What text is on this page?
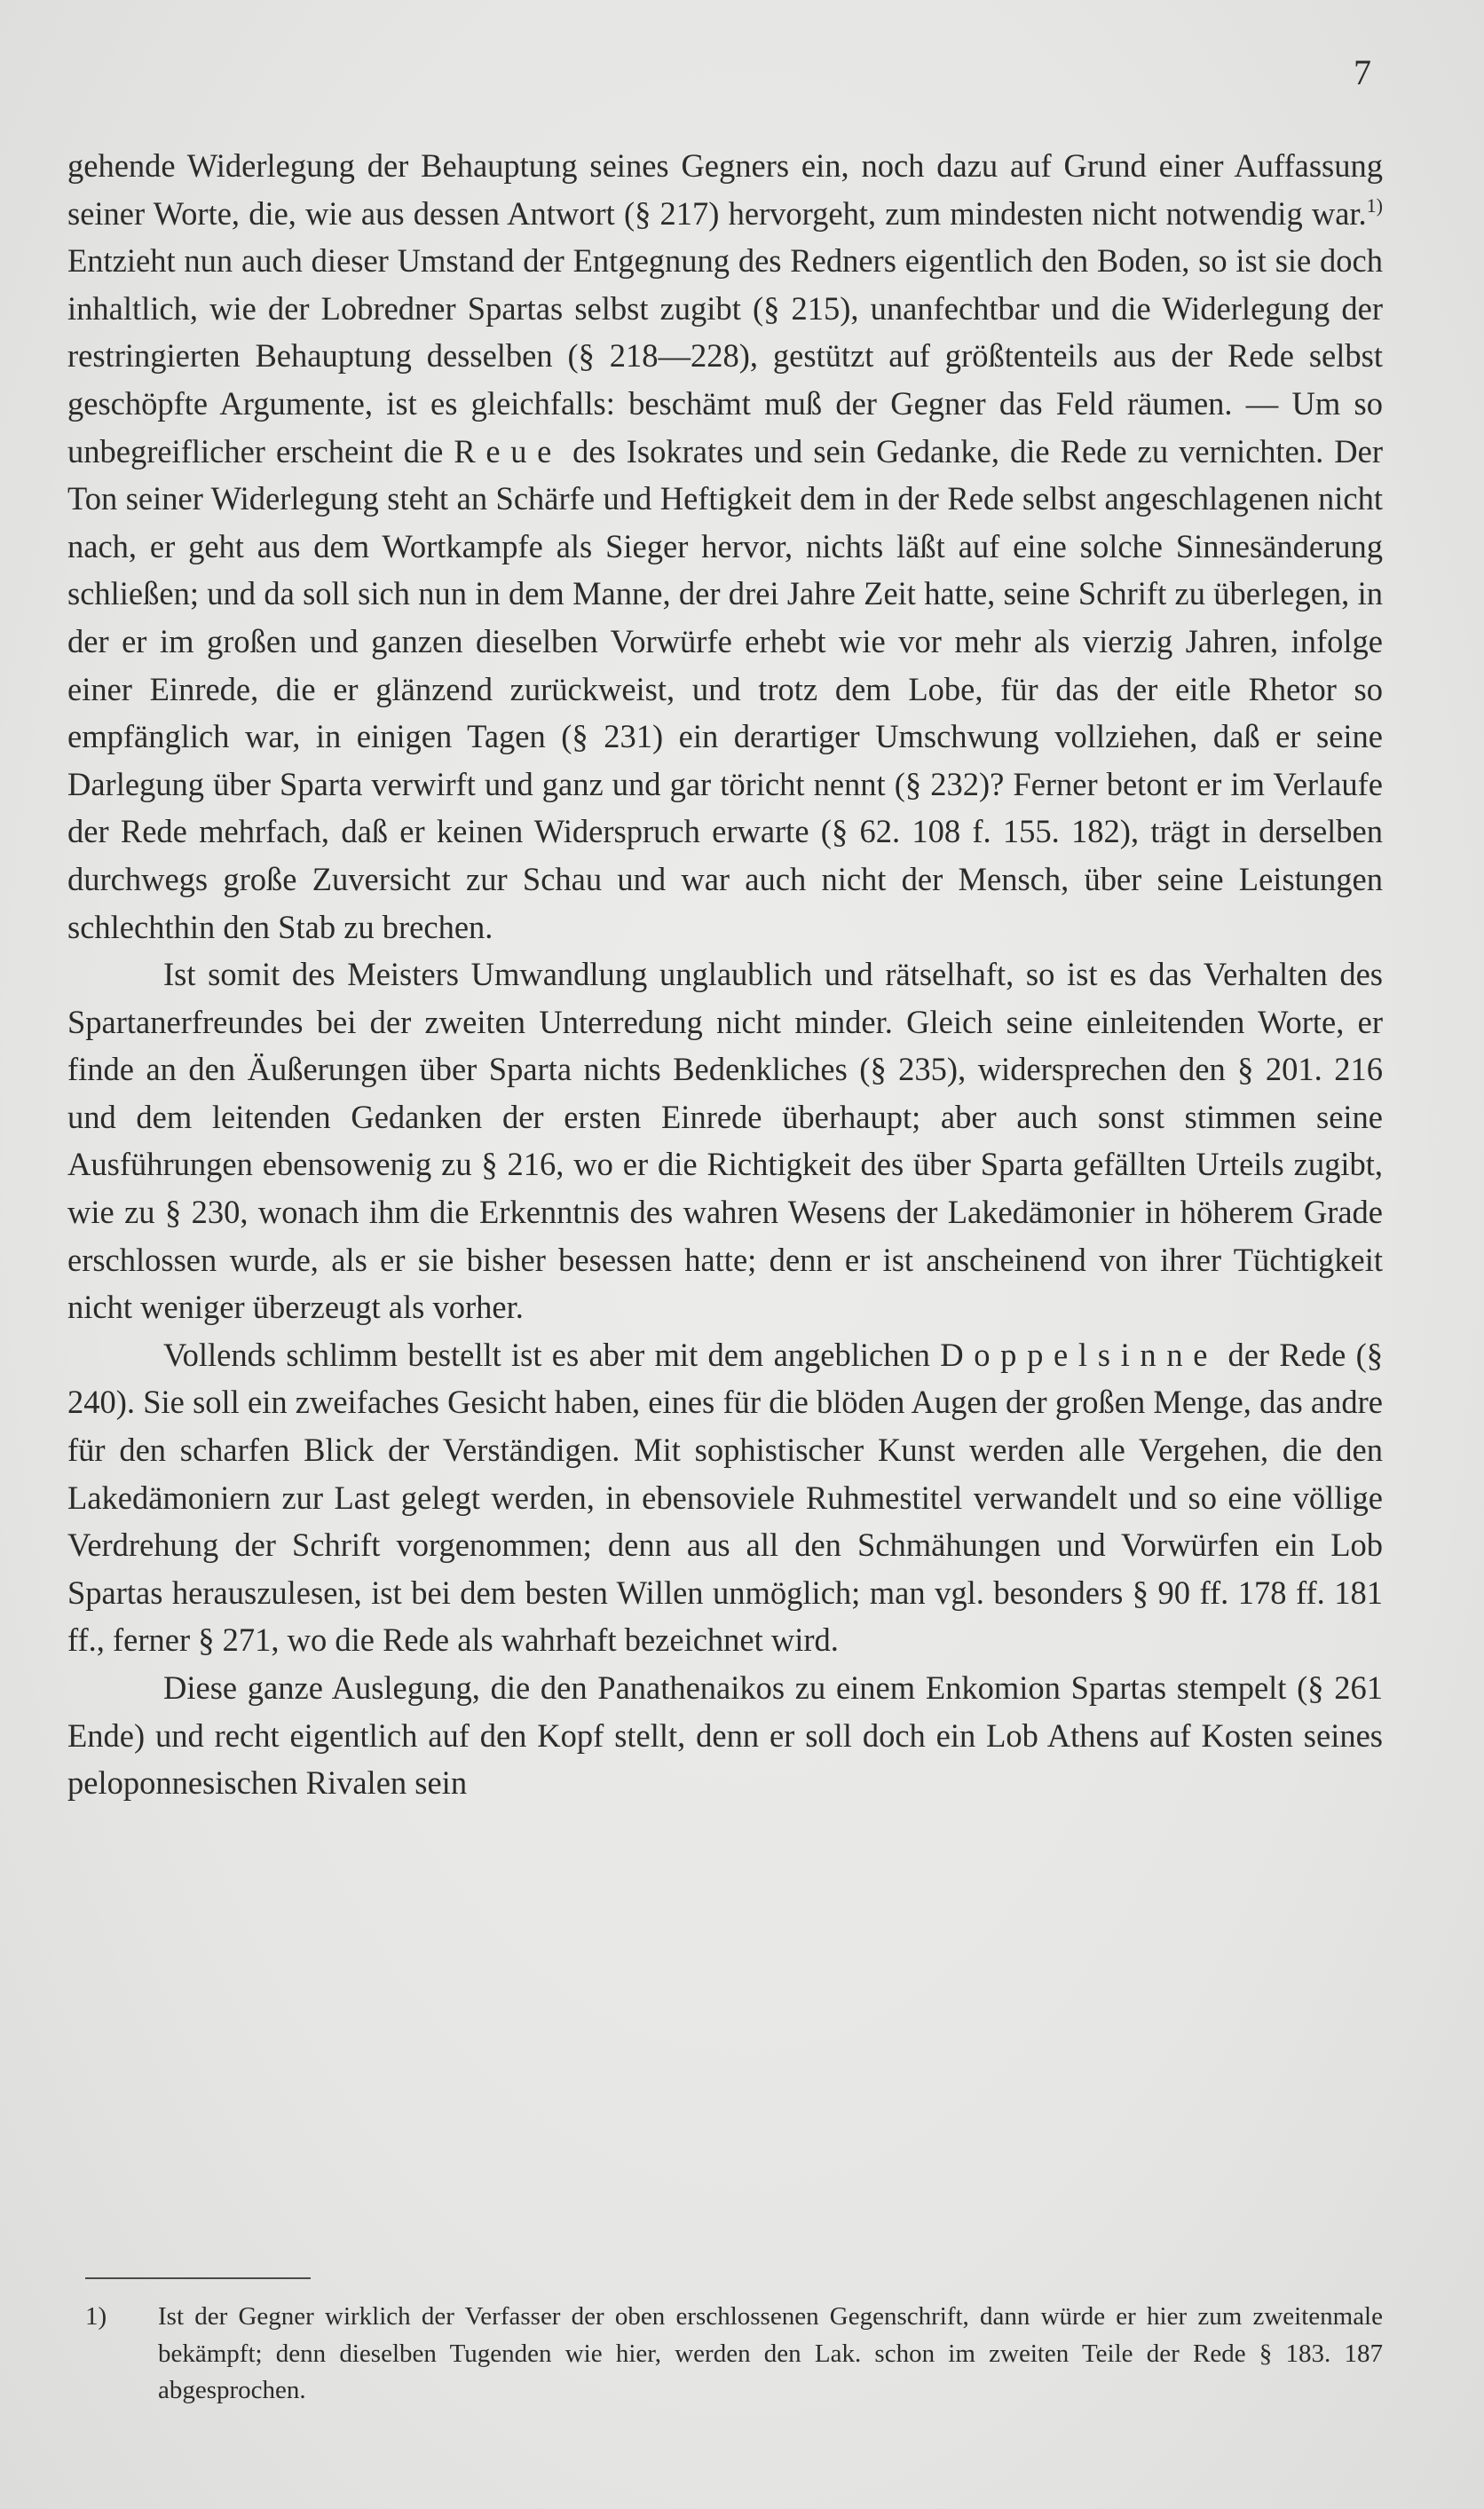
7

gehende Widerlegung der Behauptung seines Gegners ein, noch dazu auf Grund einer Auffassung seiner Worte, die, wie aus dessen Antwort (§ 217) hervorgeht, zum mindesten nicht notwendig war.$^{1)}$ Entzieht nun auch dieser Umstand der Entgegnung des Redners eigentlich den Boden, so ist sie doch inhaltlich, wie der Lobredner Spartas selbst zugibt (§ 215), unanfechtbar und die Widerlegung der restringierten Behauptung desselben (§ 218—228), gestützt auf größtenteils aus der Rede selbst geschöpfte Argumente, ist es gleichfalls: beschämt muß der Gegner das Feld räumen. — Um so unbegreiflicher erscheint die Reue des Isokrates und sein Gedanke, die Rede zu vernichten. Der Ton seiner Widerlegung steht an Schärfe und Heftigkeit dem in der Rede selbst angeschlagenen nicht nach, er geht aus dem Wortkampfe als Sieger hervor, nichts läßt auf eine solche Sinnesänderung schließen; und da soll sich nun in dem Manne, der drei Jahre Zeit hatte, seine Schrift zu überlegen, in der er im großen und ganzen dieselben Vorwürfe erhebt wie vor mehr als vierzig Jahren, infolge einer Einrede, die er glänzend zurückweist, und trotz dem Lobe, für das der eitle Rhetor so empfänglich war, in einigen Tagen (§ 231) ein derartiger Umschwung vollziehen, daß er seine Darlegung über Sparta verwirft und ganz und gar töricht nennt (§ 232)? Ferner betont er im Verlaufe der Rede mehrfach, daß er keinen Widerspruch erwarte (§ 62. 108 f. 155. 182), trägt in derselben durchwegs große Zuversicht zur Schau und war auch nicht der Mensch, über seine Leistungen schlechthin den Stab zu brechen.

Ist somit des Meisters Umwandlung unglaublich und rätselhaft, so ist es das Verhalten des Spartanerfreundes bei der zweiten Unterredung nicht minder. Gleich seine einleitenden Worte, er finde an den Äußerungen über Sparta nichts Bedenkliches (§ 235), widersprechen den § 201. 216 und dem leitenden Gedanken der ersten Einrede überhaupt; aber auch sonst stimmen seine Ausführungen ebensowenig zu § 216, wo er die Richtigkeit des über Sparta gefällten Urteils zugibt, wie zu § 230, wonach ihm die Erkenntnis des wahren Wesens der Lakedämonier in höherem Grade erschlossen wurde, als er sie bisher besessen hatte; denn er ist anscheinend von ihrer Tüchtigkeit nicht weniger überzeugt als vorher.

Vollends schlimm bestellt ist es aber mit dem angeblichen Doppelsinne der Rede (§ 240). Sie soll ein zweifaches Gesicht haben, eines für die blöden Augen der großen Menge, das andre für den scharfen Blick der Verständigen. Mit sophistischer Kunst werden alle Vergehen, die den Lakedämoniern zur Last gelegt werden, in ebensoviele Ruhmestitel verwandelt und so eine völlige Verdrehung der Schrift vorgenommen; denn aus all den Schmähungen und Vorwürfen ein Lob Spartas herauszulesen, ist bei dem besten Willen unmöglich; man vgl. besonders § 90 ff. 178 ff. 181 ff., ferner § 271, wo die Rede als wahrhaft bezeichnet wird.

Diese ganze Auslegung, die den Panathenaikos zu einem Enkomion Spartas stempelt (§ 261 Ende) und recht eigentlich auf den Kopf stellt, denn er soll doch ein Lob Athens auf Kosten seines peloponnesischen Rivalen sein

1) Ist der Gegner wirklich der Verfasser der oben erschlossenen Gegenschrift, dann würde er hier zum zweitenmale bekämpft; denn dieselben Tugenden wie hier, werden den Lak. schon im zweiten Teile der Rede § 183. 187 abgesprochen.
